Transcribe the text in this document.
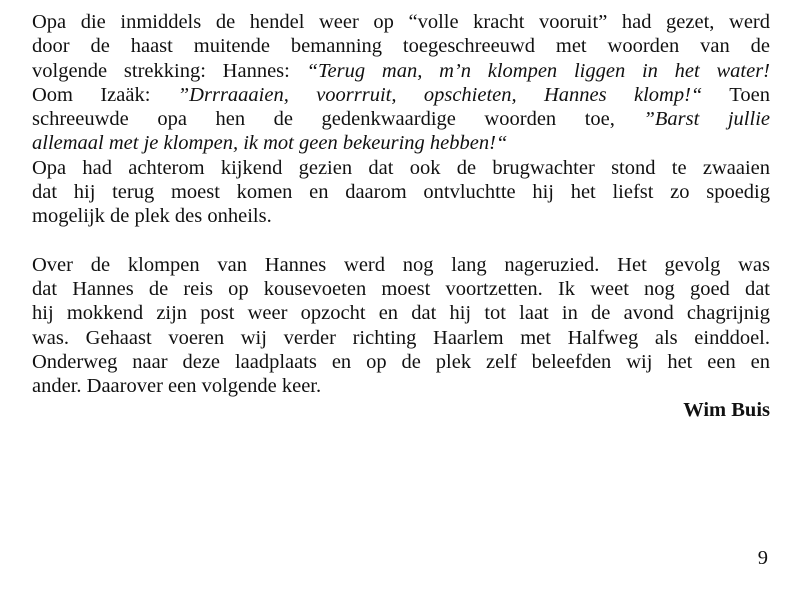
Opa die inmiddels de hendel weer op “volle kracht vooruit” had gezet, werd
door de haast muitende bemanning toegeschreeuwd met woorden van de
volgende strekking: Hannes: “Terug man, m’n klompen liggen in het water!
Oom Izaäk: ”Drrraaaien, voorrruit, opschieten, Hannes klomp!“ Toen
schreeuwde opa hen de gedenkwaardige woorden toe, ”Barst jullie
allemaal met je klompen, ik mot geen bekeuring hebben!“
Opa had achterom kijkend gezien dat ook de brugwachter stond te zwaaien
dat hij terug moest komen en daarom ontvluchtte hij het liefst zo spoedig
mogelijk de plek des onheils.

Over de klompen van Hannes werd nog lang nageruzied. Het gevolg was
dat Hannes de reis op kousevoeten moest voortzetten. Ik weet nog goed dat
hij mokkend zijn post weer opzocht en dat hij tot laat in de avond chagrijnig
was. Gehaast voeren wij verder richting Haarlem met Halfweg als einddoel.
Onderweg naar deze laadplaats en op de plek zelf beleefden wij het een en
ander. Daarover een volgende keer.

Wim Buis
9
